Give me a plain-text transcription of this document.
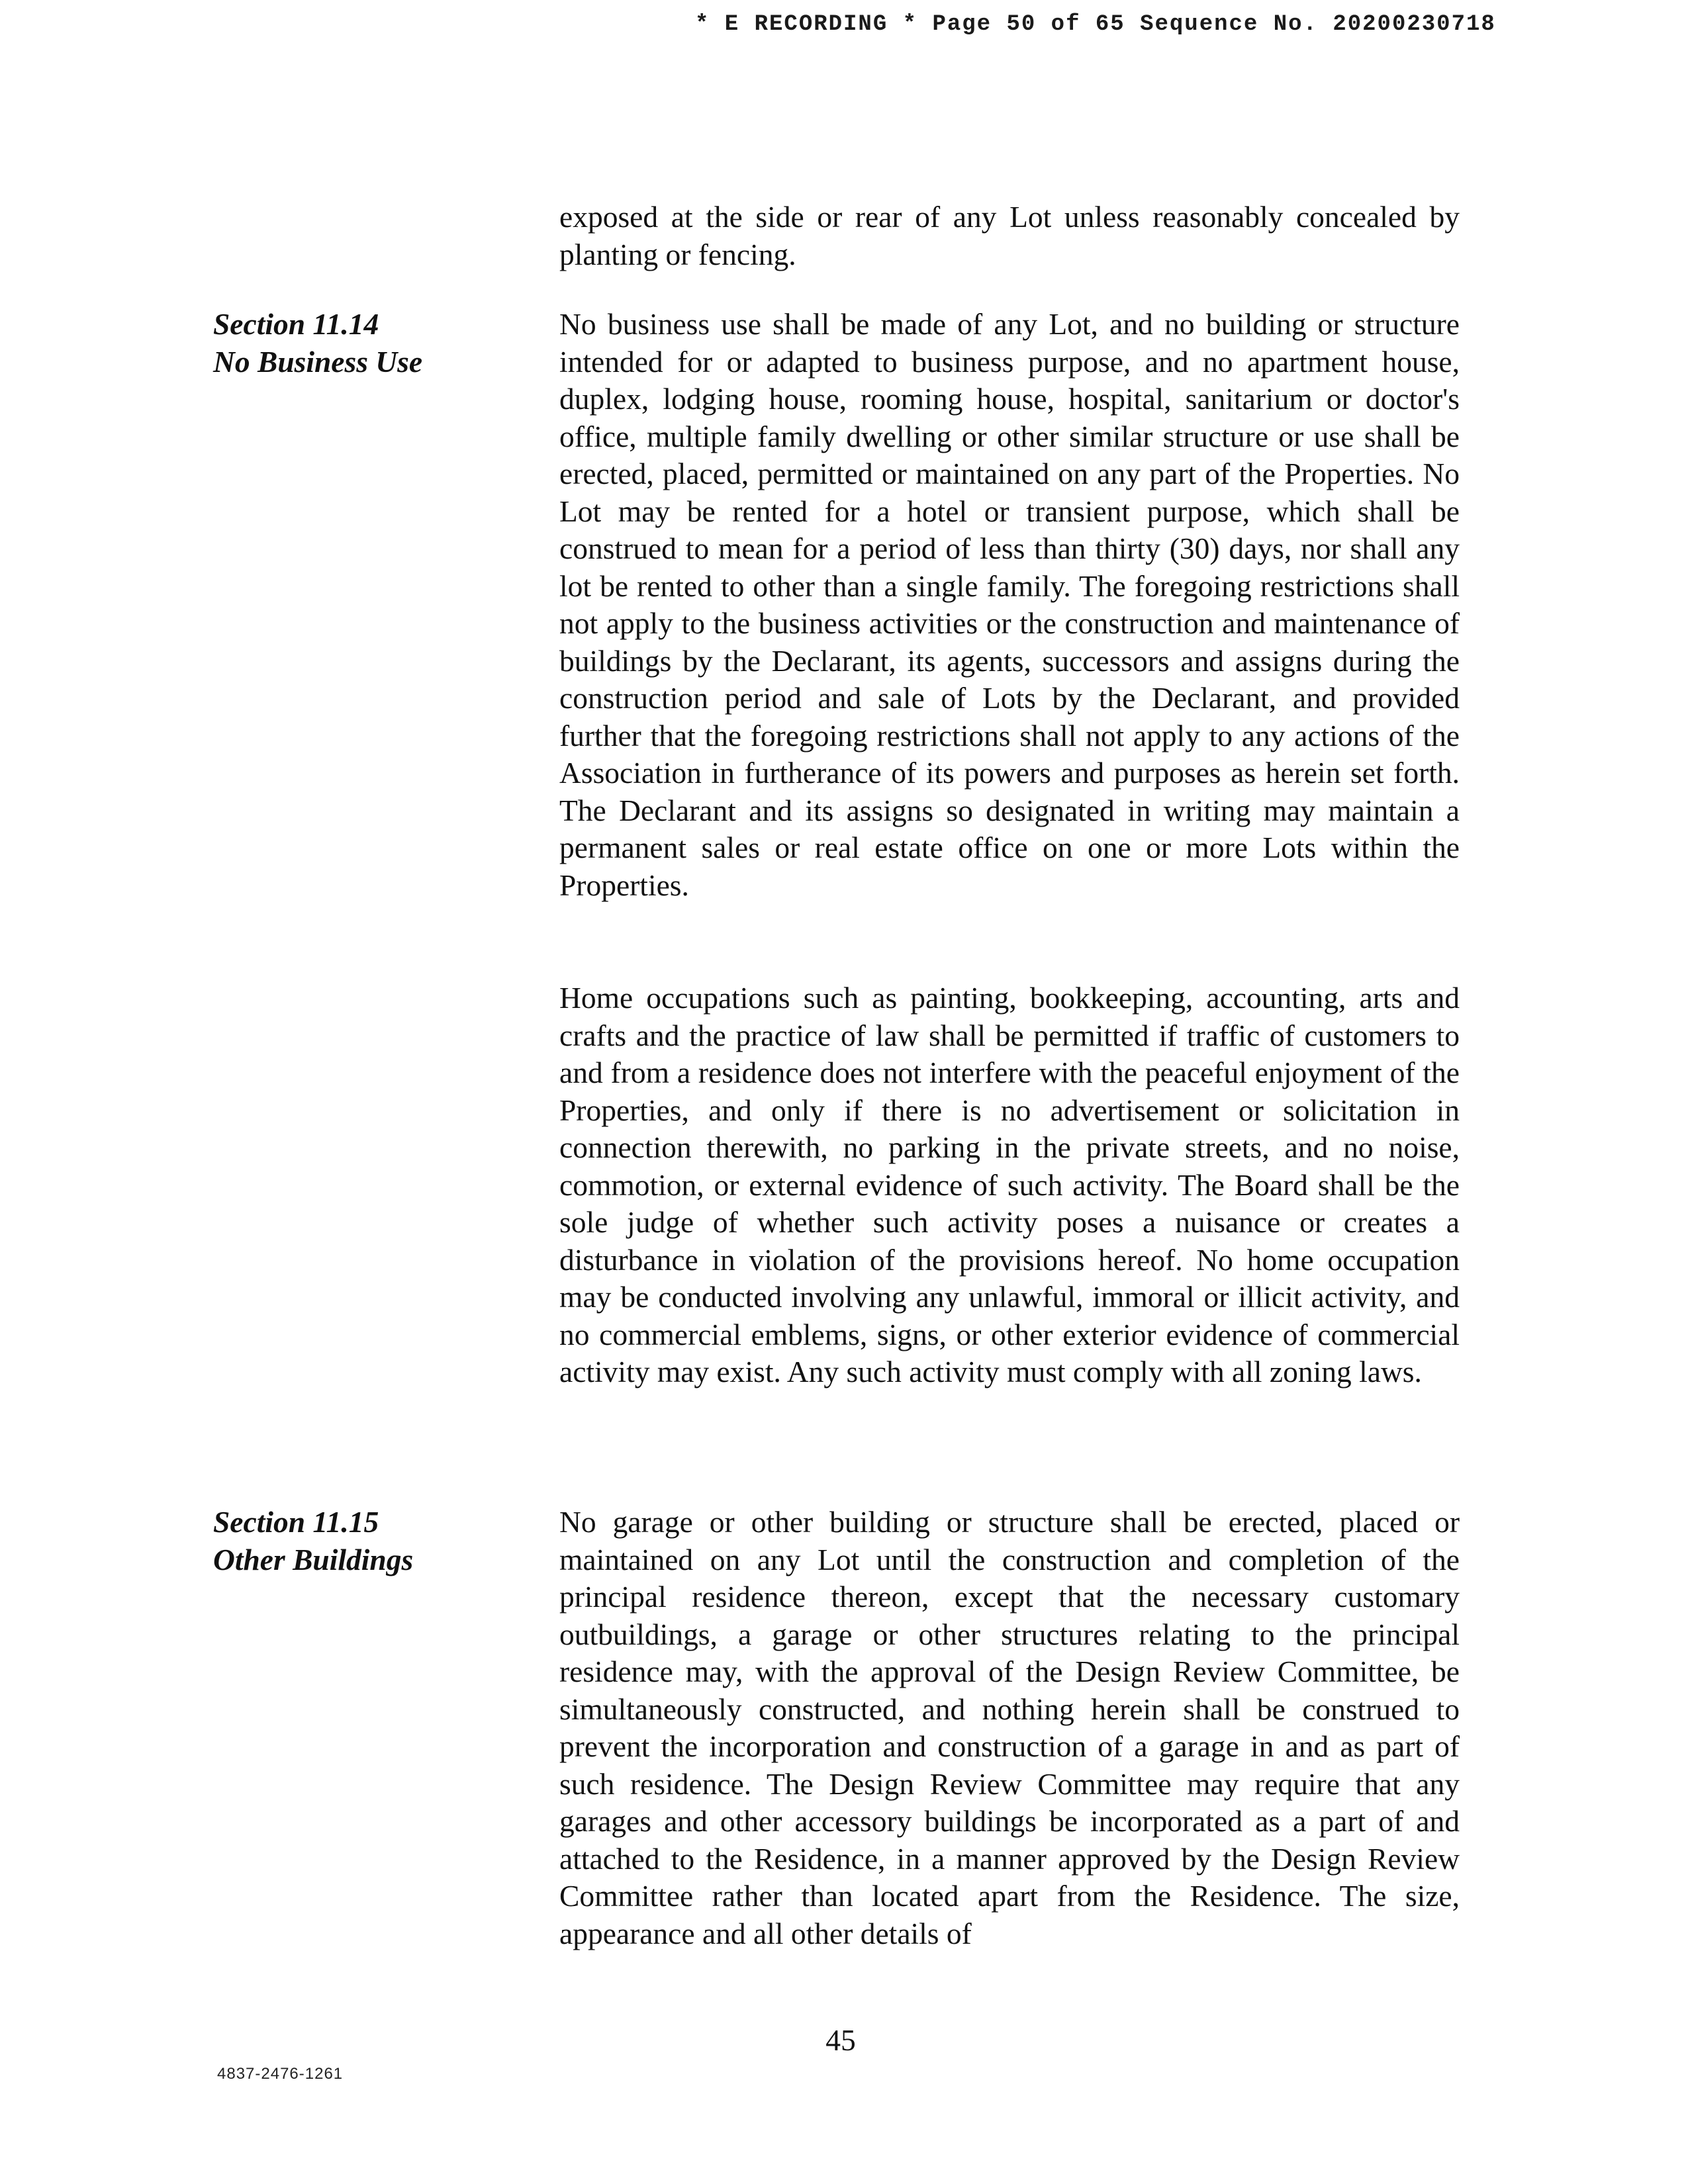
* E RECORDING * Page 50 of 65 Sequence No. 20200230718

exposed at the side or rear of any Lot unless reasonably concealed by planting or fencing.

Section 11.14
No Business Use

No business use shall be made of any Lot, and no building or structure intended for or adapted to business purpose, and no apartment house, duplex, lodging house, rooming house, hospital, sanitarium or doctor's office, multiple family dwelling or other similar structure or use shall be erected, placed, permitted or maintained on any part of the Properties. No Lot may be rented for a hotel or transient purpose, which shall be construed to mean for a period of less than thirty (30) days, nor shall any lot be rented to other than a single family. The foregoing restrictions shall not apply to the business activities or the construction and maintenance of buildings by the Declarant, its agents, successors and assigns during the construction period and sale of Lots by the Declarant, and provided further that the foregoing restrictions shall not apply to any actions of the Association in furtherance of its powers and purposes as herein set forth. The Declarant and its assigns so designated in writing may maintain a permanent sales or real estate office on one or more Lots within the Properties.

Home occupations such as painting, bookkeeping, accounting, arts and crafts and the practice of law shall be permitted if traffic of customers to and from a residence does not interfere with the peaceful enjoyment of the Properties, and only if there is no advertisement or solicitation in connection therewith, no parking in the private streets, and no noise, commotion, or external evidence of such activity. The Board shall be the sole judge of whether such activity poses a nuisance or creates a disturbance in violation of the provisions hereof. No home occupation may be conducted involving any unlawful, immoral or illicit activity, and no commercial emblems, signs, or other exterior evidence of commercial activity may exist. Any such activity must comply with all zoning laws.

Section 11.15
Other Buildings

No garage or other building or structure shall be erected, placed or maintained on any Lot until the construction and completion of the principal residence thereon, except that the necessary customary outbuildings, a garage or other structures relating to the principal residence may, with the approval of the Design Review Committee, be simultaneously constructed, and nothing herein shall be construed to prevent the incorporation and construction of a garage in and as part of such residence. The Design Review Committee may require that any garages and other accessory buildings be incorporated as a part of and attached to the Residence, in a manner approved by the Design Review Committee rather than located apart from the Residence. The size, appearance and all other details of

45
4837-2476-1261
